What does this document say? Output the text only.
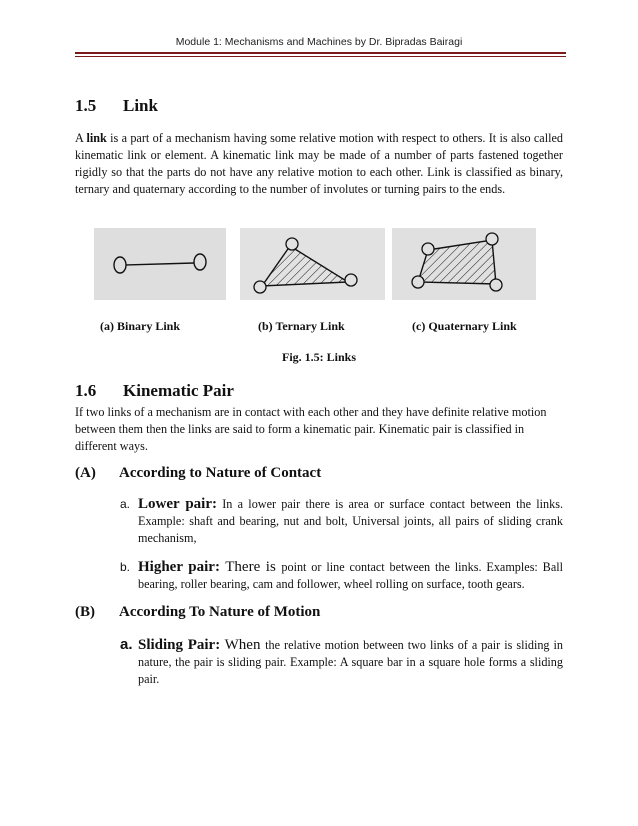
Module 1: Mechanisms and Machines by Dr. Bipradas Bairagi
1.5 Link
A link is a part of a mechanism having some relative motion with respect to others. It is also called kinematic link or element. A kinematic link may be made of a number of parts fastened together rigidly so that the parts do not have any relative motion to each other. Link is classified as binary, ternary and quaternary according to the number of involutes or turning pairs to the ends.
(a) Binary Link	(b) Ternary Link	(c) Quaternary Link
Fig. 1.5: Links
1.6 Kinematic Pair
If two links of a mechanism are in contact with each other and they have definite relative motion between them then the links are said to form a kinematic pair. Kinematic pair is classified in different ways.
(A) According to Nature of Contact
a. Lower pair: In a lower pair there is area or surface contact between the links. Example: shaft and bearing, nut and bolt, Universal joints, all pairs of sliding crank mechanism,
b. Higher pair: There is point or line contact between the links. Examples: Ball bearing, roller bearing, cam and follower, wheel rolling on surface, tooth gears.
(B) According To Nature of Motion
a. Sliding Pair: When the relative motion between two links of a pair is sliding in nature, the pair is sliding pair. Example: A square bar in a square hole forms a sliding pair.
